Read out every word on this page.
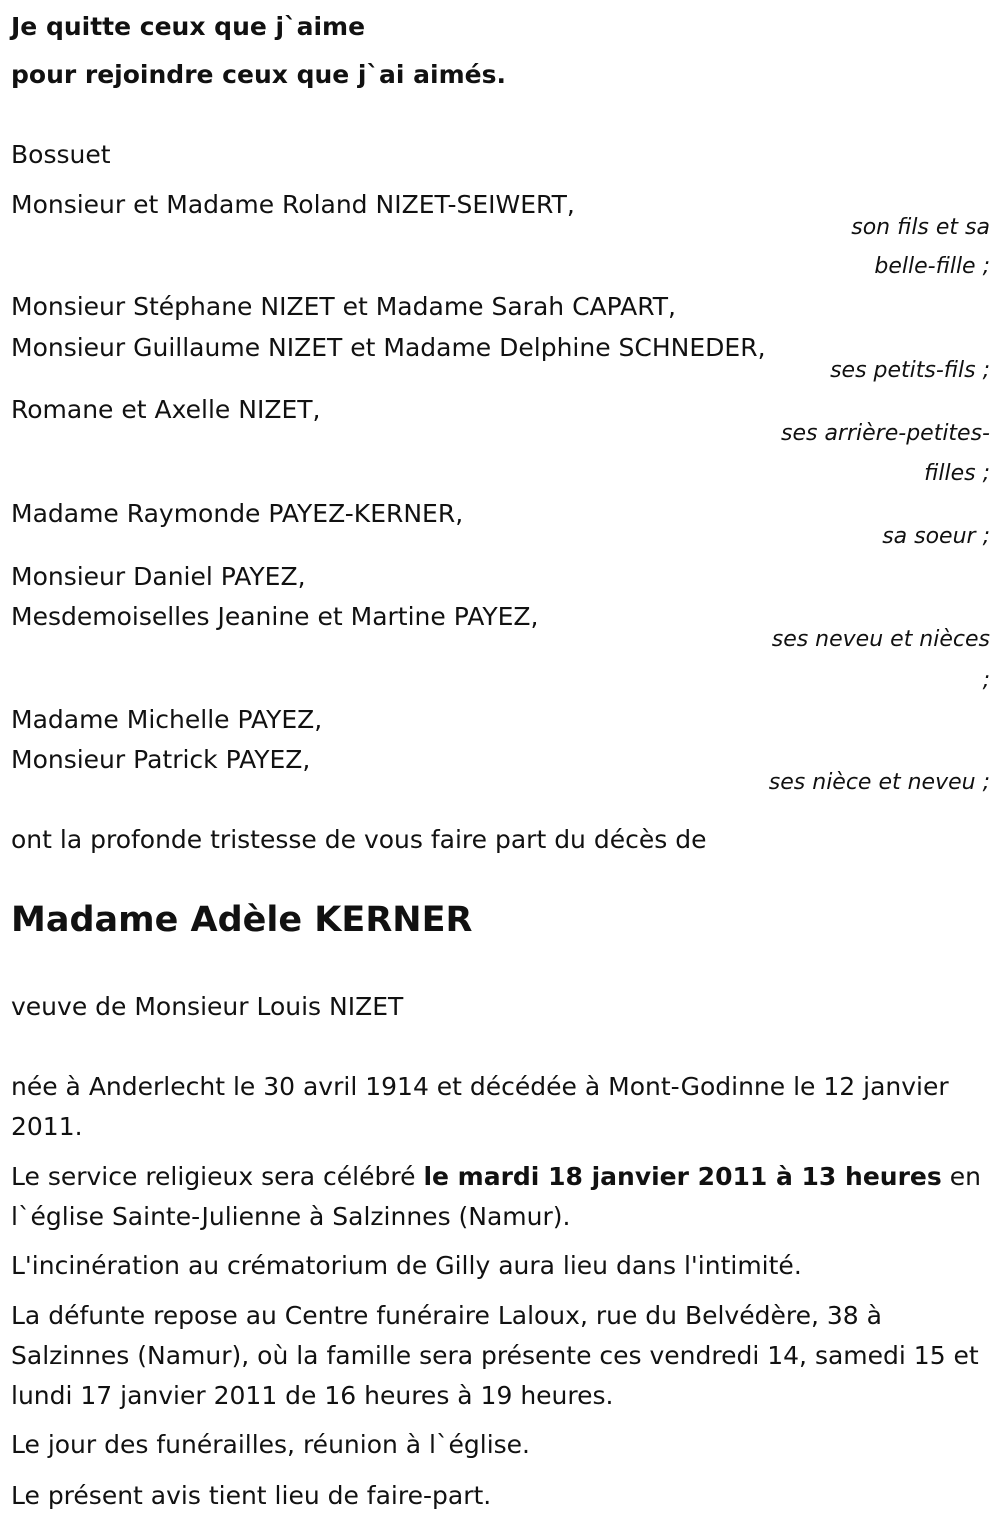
Je quitte ceux que j`aime
pour rejoindre ceux que j`ai aimés.
Bossuet
Monsieur et Madame Roland NIZET-SEIWERT,
son fils et sa
belle-fille ;
Monsieur Stéphane NIZET et Madame Sarah CAPART,
Monsieur Guillaume NIZET et Madame Delphine SCHNEDER,
ses petits-fils ;
Romane et Axelle NIZET,
ses arrière-petites-
filles ;
Madame Raymonde PAYEZ-KERNER,
sa soeur ;
Monsieur Daniel PAYEZ,
Mesdemoiselles Jeanine et Martine PAYEZ,
ses neveu et nièces
;
Madame Michelle PAYEZ,
Monsieur Patrick PAYEZ,
ses nièce et neveu ;
ont la profonde tristesse de vous faire part du décès de
Madame Adèle KERNER
veuve de Monsieur Louis NIZET
née à Anderlecht le 30 avril 1914 et décédée à Mont-Godinne le 12 janvier 2011.
Le service religieux sera célébré le mardi 18 janvier 2011 à 13 heures en l`église Sainte-Julienne à Salzinnes (Namur).
L'incinération au crématorium de Gilly aura lieu dans l'intimité.
La défunte repose au Centre funéraire Laloux, rue du Belvédère, 38 à Salzinnes (Namur), où la famille sera présente ces vendredi 14, samedi 15 et lundi 17 janvier 2011 de 16 heures à 19 heures.
Le jour des funérailles, réunion à l`église.
Le présent avis tient lieu de faire-part.
